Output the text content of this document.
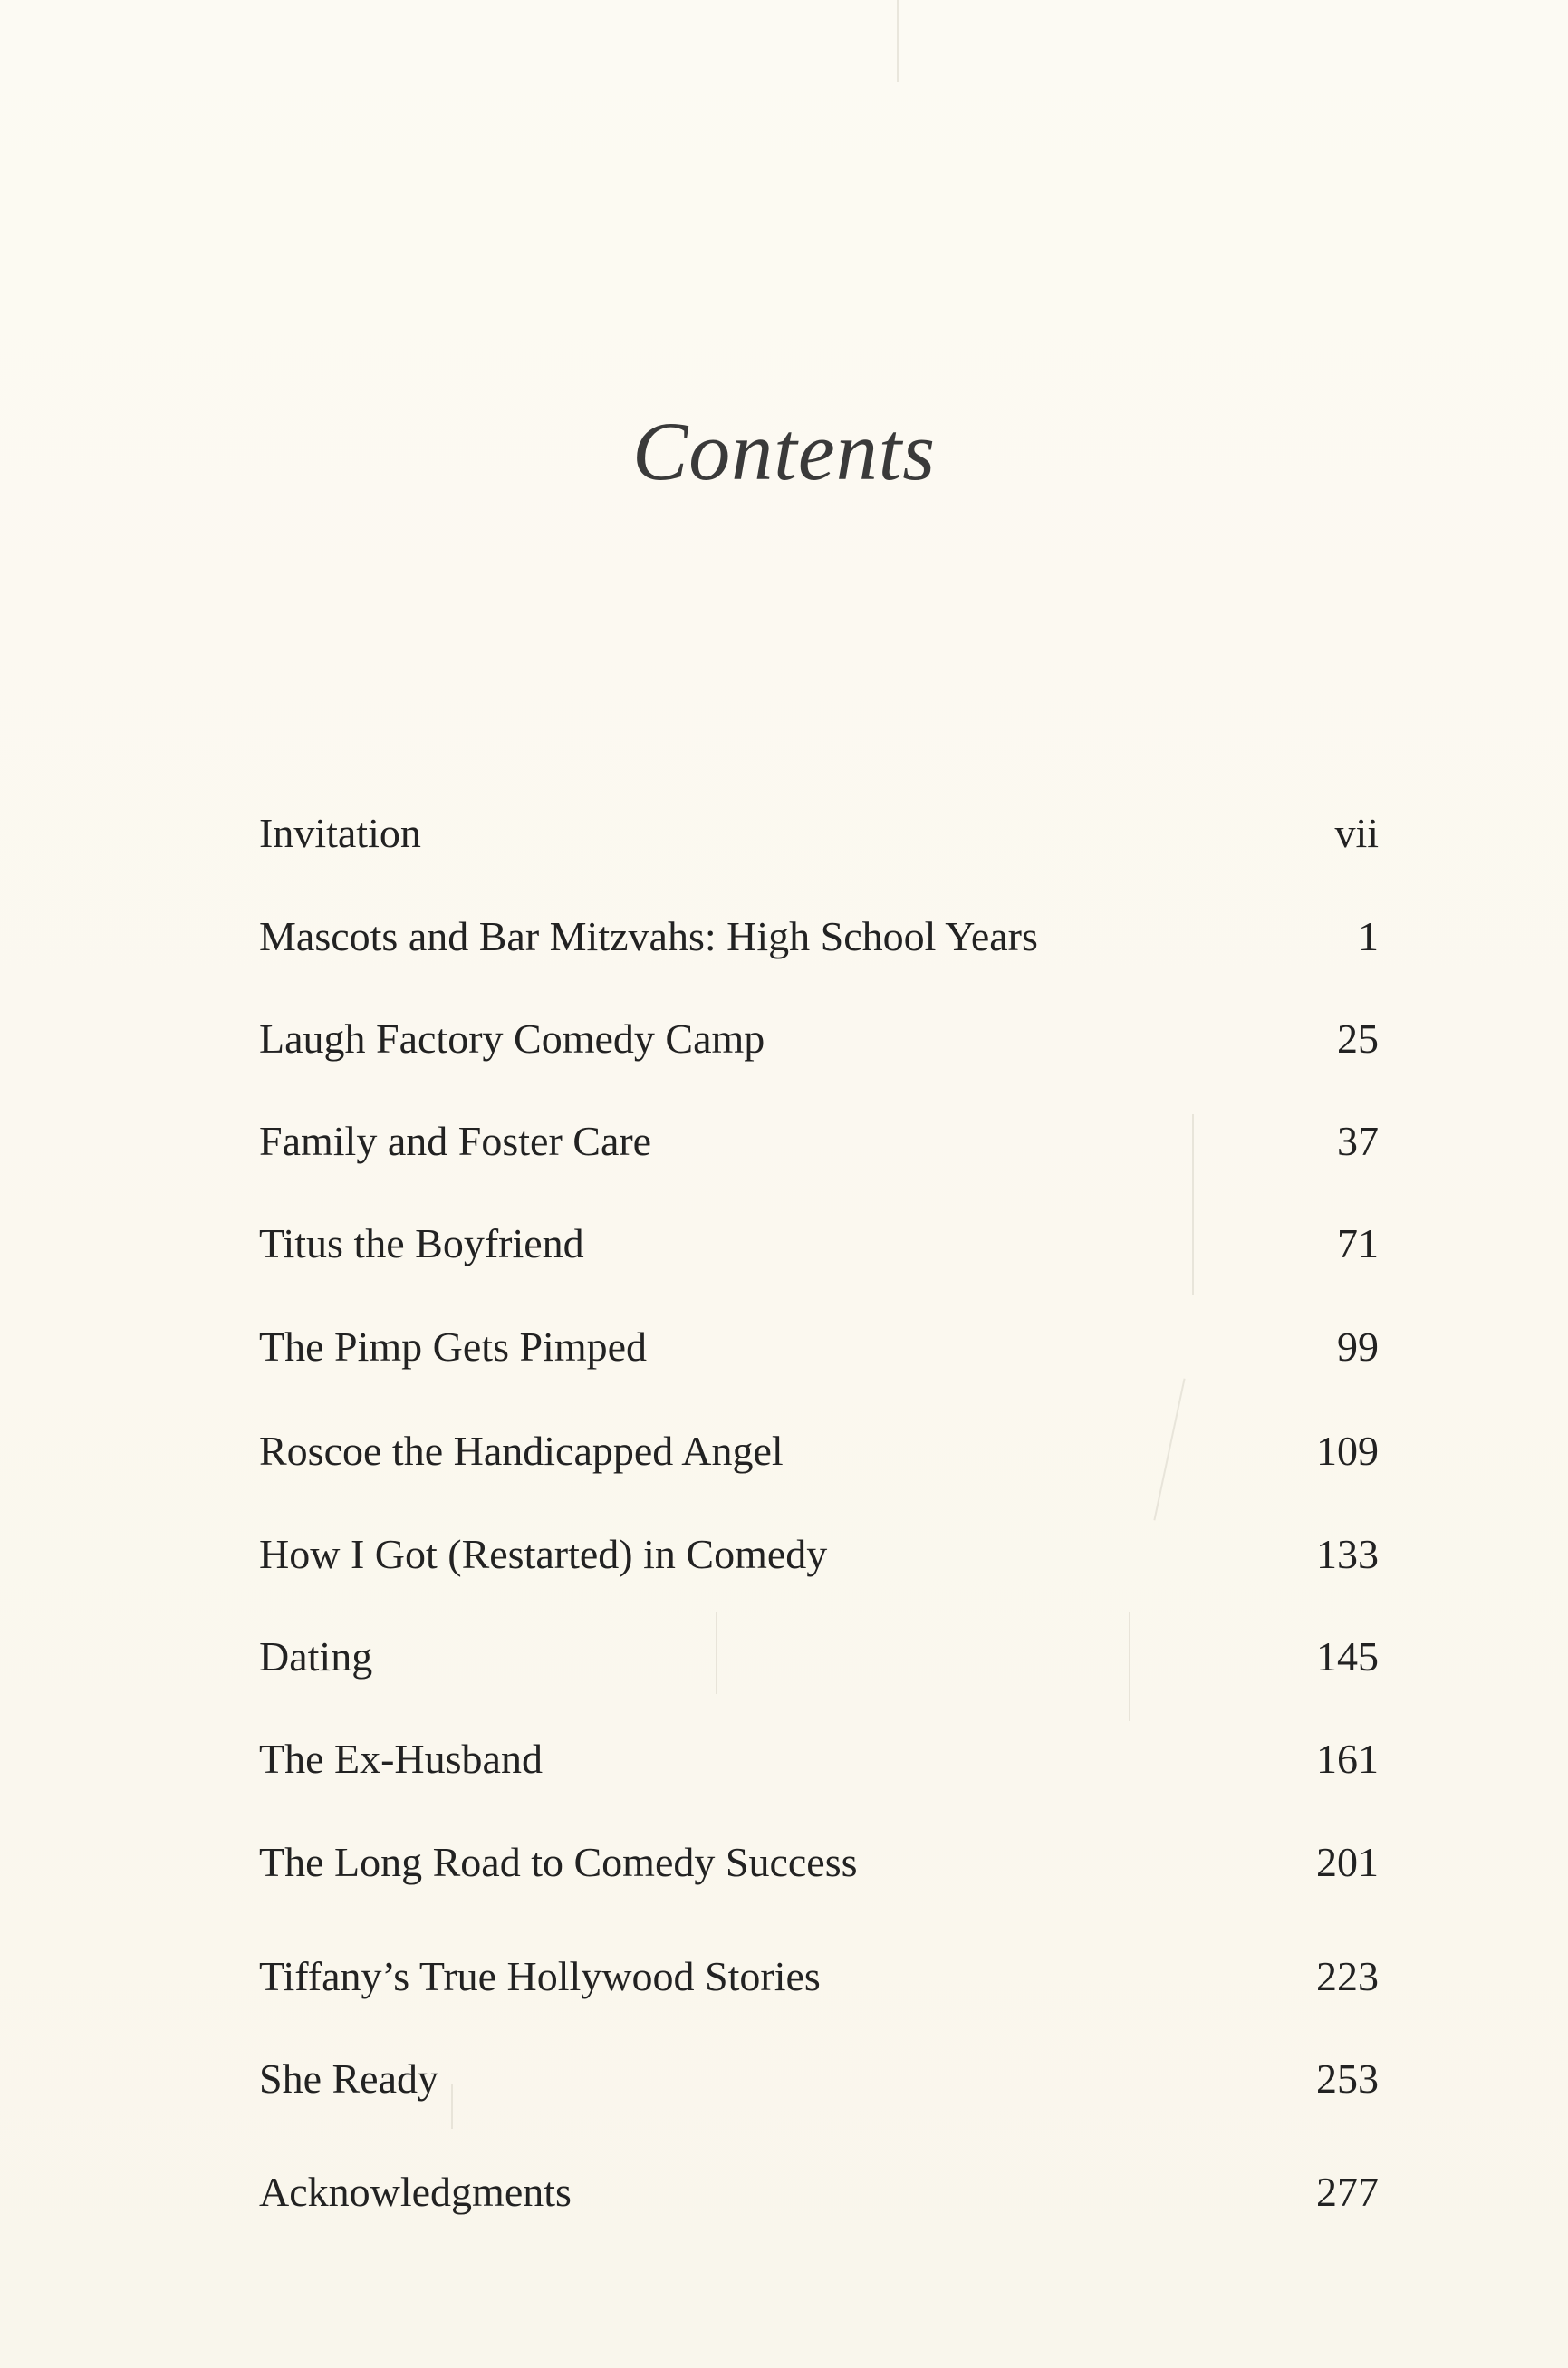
Contents
Invitation	vii
Mascots and Bar Mitzvahs: High School Years	1
Laugh Factory Comedy Camp	25
Family and Foster Care	37
Titus the Boyfriend	71
The Pimp Gets Pimped	99
Roscoe the Handicapped Angel	109
How I Got (Restarted) in Comedy	133
Dating	145
The Ex-Husband	161
The Long Road to Comedy Success	201
Tiffany’s True Hollywood Stories	223
She Ready	253
Acknowledgments	277
